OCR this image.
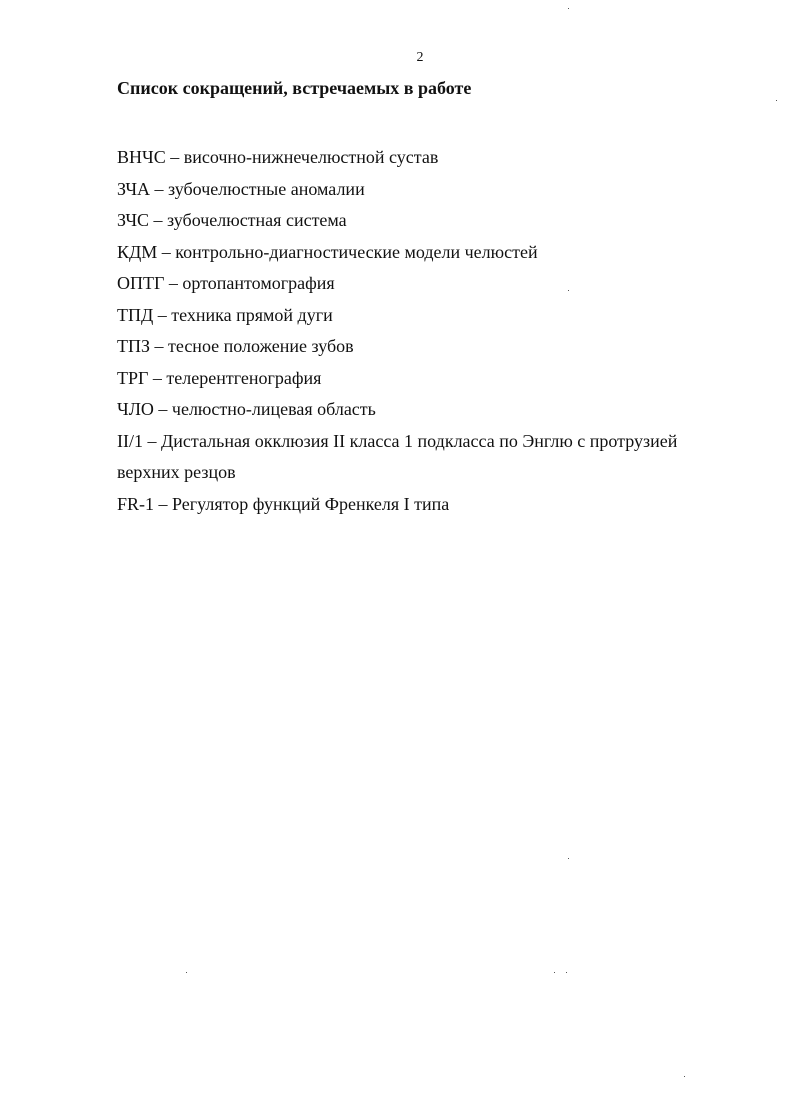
2
Список сокращений, встречаемых в работе
ВНЧС – височно-нижнечелюстной сустав
ЗЧА – зубочелюстные аномалии
ЗЧС – зубочелюстная система
КДМ – контрольно-диагностические модели челюстей
ОПТГ – ортопантомография
ТПД – техника прямой дуги
ТПЗ – тесное положение зубов
ТРГ – телерентгенография
ЧЛО – челюстно-лицевая область
II/1 – Дистальная окклюзия II класса 1 подкласса по Энглю с протрузией
верхних резцов
FR-1 – Регулятор функций Френкеля I типа
